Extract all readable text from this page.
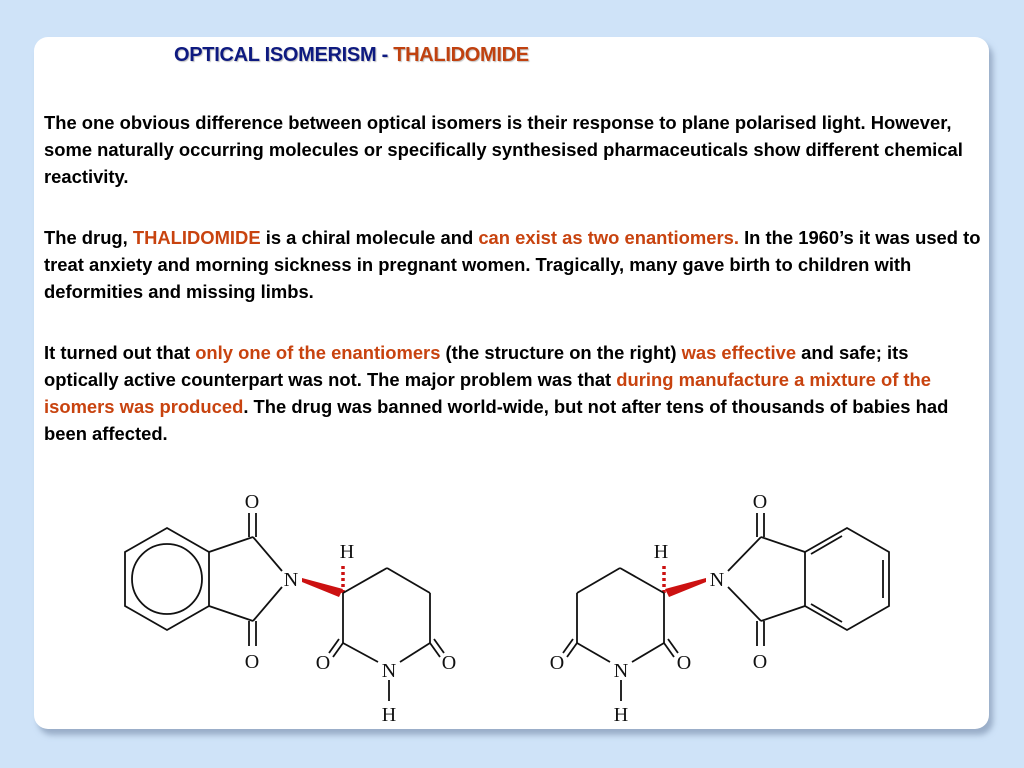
OPTICAL ISOMERISM - THALIDOMIDE
The one obvious difference between optical isomers is their response to plane polarised light. However, some naturally occurring molecules or specifically synthesised pharmaceuticals show different chemical reactivity.
The drug, THALIDOMIDE is a chiral molecule and can exist as two enantiomers. In the 1960’s it was used to treat anxiety and morning sickness in pregnant women. Tragically, many gave birth to children with deformities and missing limbs.
It turned out that only one of the enantiomers (the structure on the right) was effective and safe; its optically active counterpart was not. The major problem was that during manufacture a mixture of the isomers was produced. The drug was banned world-wide, but not after tens of thousands of babies had been affected.
O
O
N
H
O	N O
H
O
O
N
H
O
N
O
H
